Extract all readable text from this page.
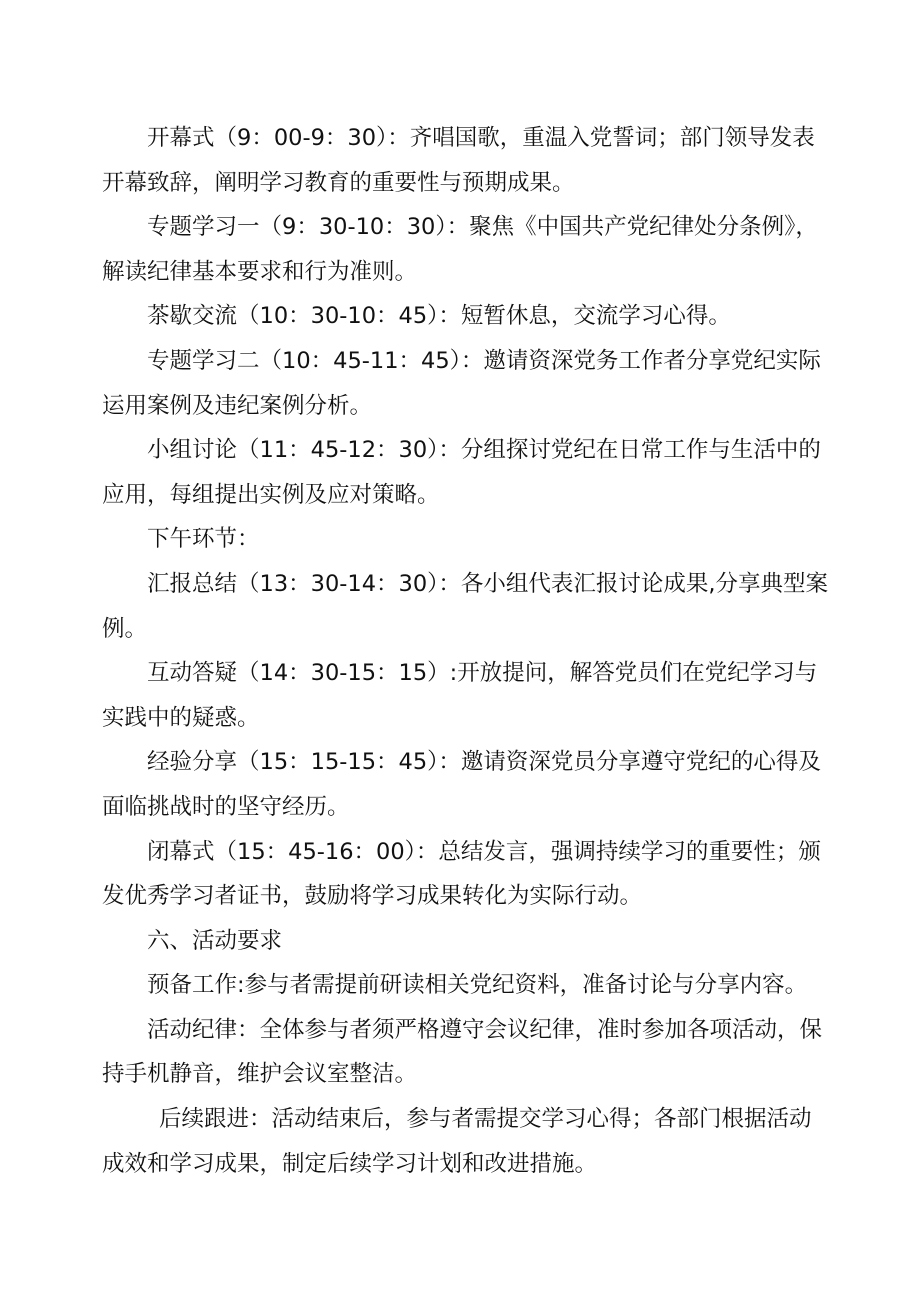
开幕式（9：00-9：30）：齐唱国歌，重温入党誓词；部门领导发表开幕致辞，阐明学习教育的重要性与预期成果。

专题学习一（9：30-10：30）：聚焦《中国共产党纪律处分条例》，解读纪律基本要求和行为准则。

茶歇交流（10：30-10：45）：短暂休息，交流学习心得。

专题学习二（10：45-11：45）：邀请资深党务工作者分享党纪实际运用案例及违纪案例分析。

小组讨论（11：45-12：30）：分组探讨党纪在日常工作与生活中的应用，每组提出实例及应对策略。

下午环节：

汇报总结（13：30-14：30）：各小组代表汇报讨论成果,分享典型案例。

互动答疑（14：30-15：15）:开放提问，解答党员们在党纪学习与实践中的疑惑。

经验分享（15：15-15：45）：邀请资深党员分享遵守党纪的心得及面临挑战时的坚守经历。

闭幕式（15：45-16：00）：总结发言，强调持续学习的重要性；颁发优秀学习者证书，鼓励将学习成果转化为实际行动。

六、活动要求

预备工作:参与者需提前研读相关党纪资料，准备讨论与分享内容。

活动纪律：全体参与者须严格遵守会议纪律，准时参加各项活动，保持手机静音，维护会议室整洁。

后续跟进：活动结束后，参与者需提交学习心得；各部门根据活动成效和学习成果，制定后续学习计划和改进措施。
